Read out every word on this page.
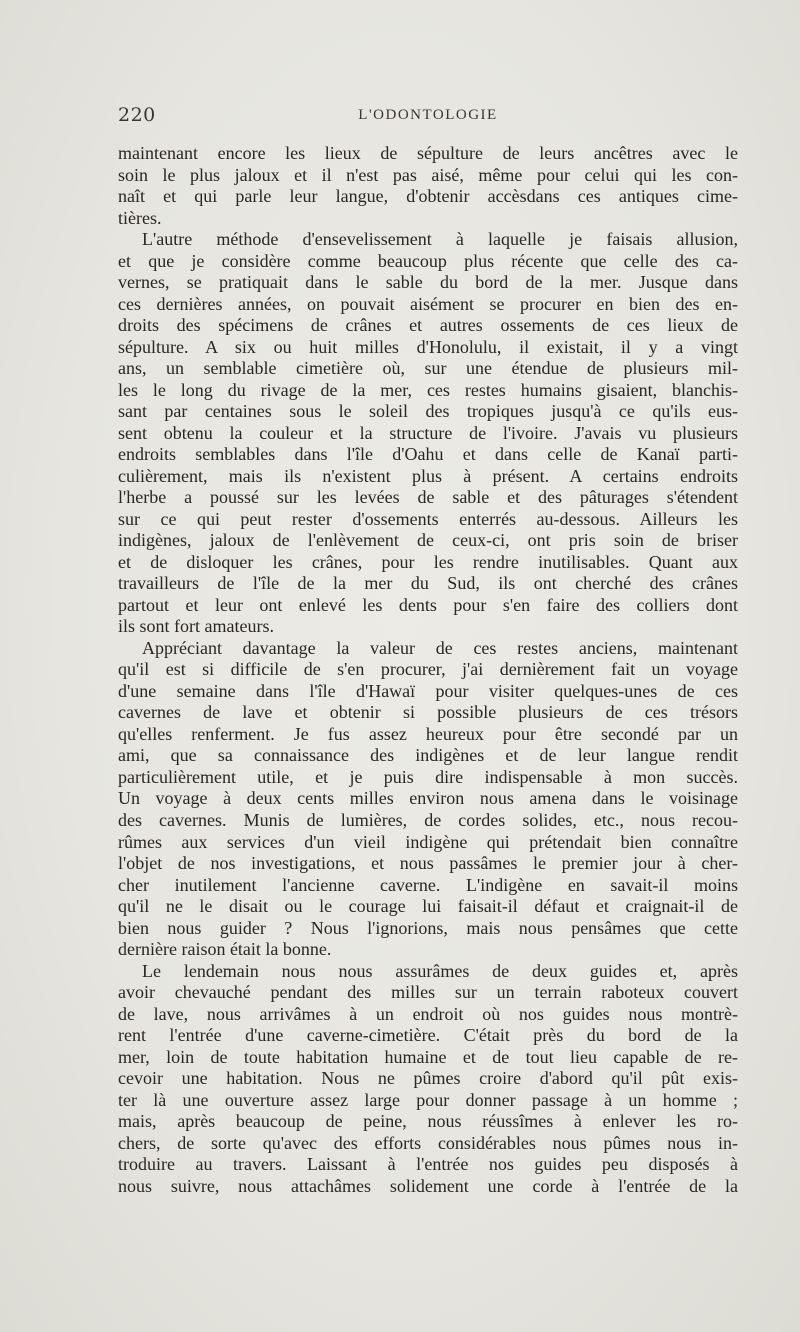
220	L'ODONTOLOGIE
maintenant encore les lieux de sépulture de leurs ancêtres avec le
soin le plus jaloux et il n'est pas aisé, même pour celui qui les con-
naît et qui parle leur langue, d'obtenir accèsdans ces antiques cime-
tières.
L'autre méthode d'ensevelissement à laquelle je faisais allusion,
et que je considère comme beaucoup plus récente que celle des ca-
vernes, se pratiquait dans le sable du bord de la mer. Jusque dans
ces dernières années, on pouvait aisément se procurer en bien des en-
droits des spécimens de crânes et autres ossements de ces lieux de
sépulture. A six ou huit milles d'Honolulu, il existait, il y a vingt
ans, un semblable cimetière où, sur une étendue de plusieurs mil-
les le long du rivage de la mer, ces restes humains gisaient, blanchis-
sant par centaines sous le soleil des tropiques jusqu'à ce qu'ils eus-
sent obtenu la couleur et la structure de l'ivoire. J'avais vu plusieurs
endroits semblables dans l'île d'Oahu et dans celle de Kanaï parti-
culièrement, mais ils n'existent plus à présent. A certains endroits
l'herbe a poussé sur les levées de sable et des pâturages s'étendent
sur ce qui peut rester d'ossements enterrés au-dessous. Ailleurs les
indigènes, jaloux de l'enlèvement de ceux-ci, ont pris soin de briser
et de disloquer les crânes, pour les rendre inutilisables. Quant aux
travailleurs de l'île de la mer du Sud, ils ont cherché des crânes
partout et leur ont enlevé les dents pour s'en faire des colliers dont
ils sont fort amateurs.
Appréciant davantage la valeur de ces restes anciens, maintenant
qu'il est si difficile de s'en procurer, j'ai dernièrement fait un voyage
d'une semaine dans l'île d'Hawaï pour visiter quelques-unes de ces
cavernes de lave et obtenir si possible plusieurs de ces trésors
qu'elles renferment. Je fus assez heureux pour être secondé par un
ami, que sa connaissance des indigènes et de leur langue rendit
particulièrement utile, et je puis dire indispensable à mon succès.
Un voyage à deux cents milles environ nous amena dans le voisinage
des cavernes. Munis de lumières, de cordes solides, etc., nous recou-
rûmes aux services d'un vieil indigène qui prétendait bien connaître
l'objet de nos investigations, et nous passâmes le premier jour à cher-
cher inutilement l'ancienne caverne. L'indigène en savait-il moins
qu'il ne le disait ou le courage lui faisait-il défaut et craignait-il de
bien nous guider ? Nous l'ignorions, mais nous pensâmes que cette
dernière raison était la bonne.
Le lendemain nous nous assurâmes de deux guides et, après
avoir chevauché pendant des milles sur un terrain raboteux couvert
de lave, nous arrivâmes à un endroit où nos guides nous montrè-
rent l'entrée d'une caverne-cimetière. C'était près du bord de la
mer, loin de toute habitation humaine et de tout lieu capable de re-
cevoir une habitation. Nous ne pûmes croire d'abord qu'il pût exis-
ter là une ouverture assez large pour donner passage à un homme ;
mais, après beaucoup de peine, nous réussîmes à enlever les ro-
chers, de sorte qu'avec des efforts considérables nous pûmes nous in-
troduire au travers. Laissant à l'entrée nos guides peu disposés à
nous suivre, nous attachâmes solidement une corde à l'entrée de la
